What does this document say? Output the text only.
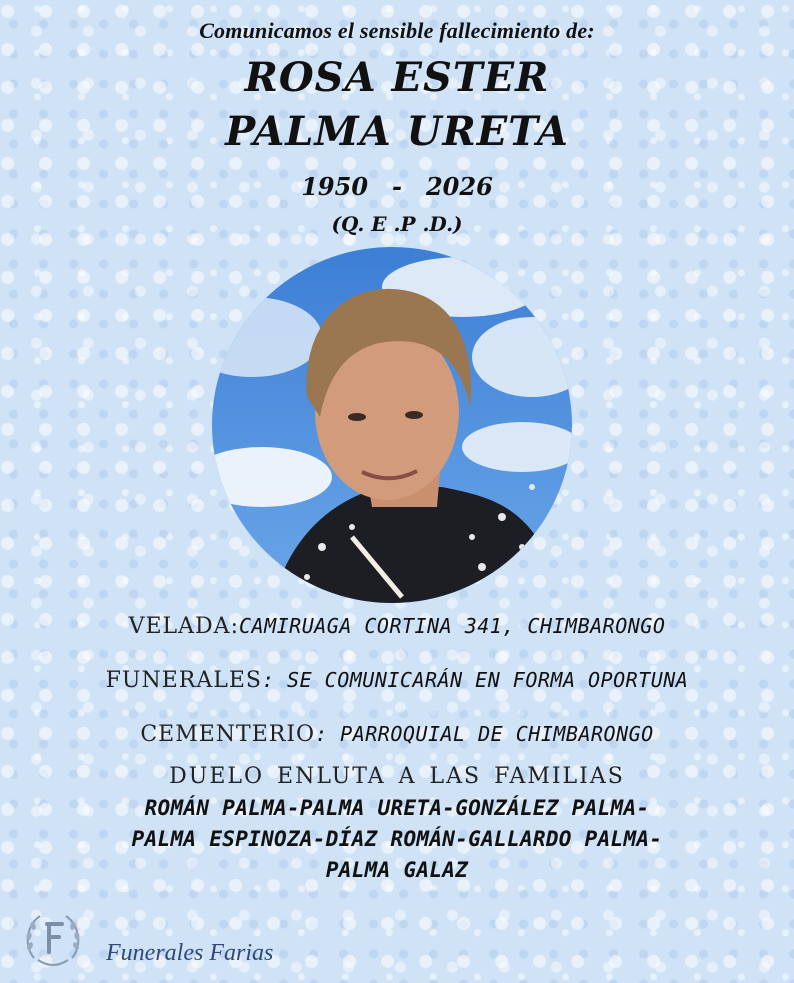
Comunicamos el sensible fallecimiento de:
ROSA ESTER
PALMA URETA
1950 - 2026
(Q. E .P .D.)
VELADA:CAMIRUAGA CORTINA 341, CHIMBARONGO
FUNERALES: SE COMUNICARÁN EN FORMA OPORTUNA
CEMENTERIO: PARROQUIAL DE CHIMBARONGO
DUELO ENLUTA A LAS FAMILIAS
ROMÁN PALMA-PALMA URETA-GONZÁLEZ PALMA-
PALMA ESPINOZA-DÍAZ ROMÁN-GALLARDO PALMA-
PALMA GALAZ
Funerales Farias
